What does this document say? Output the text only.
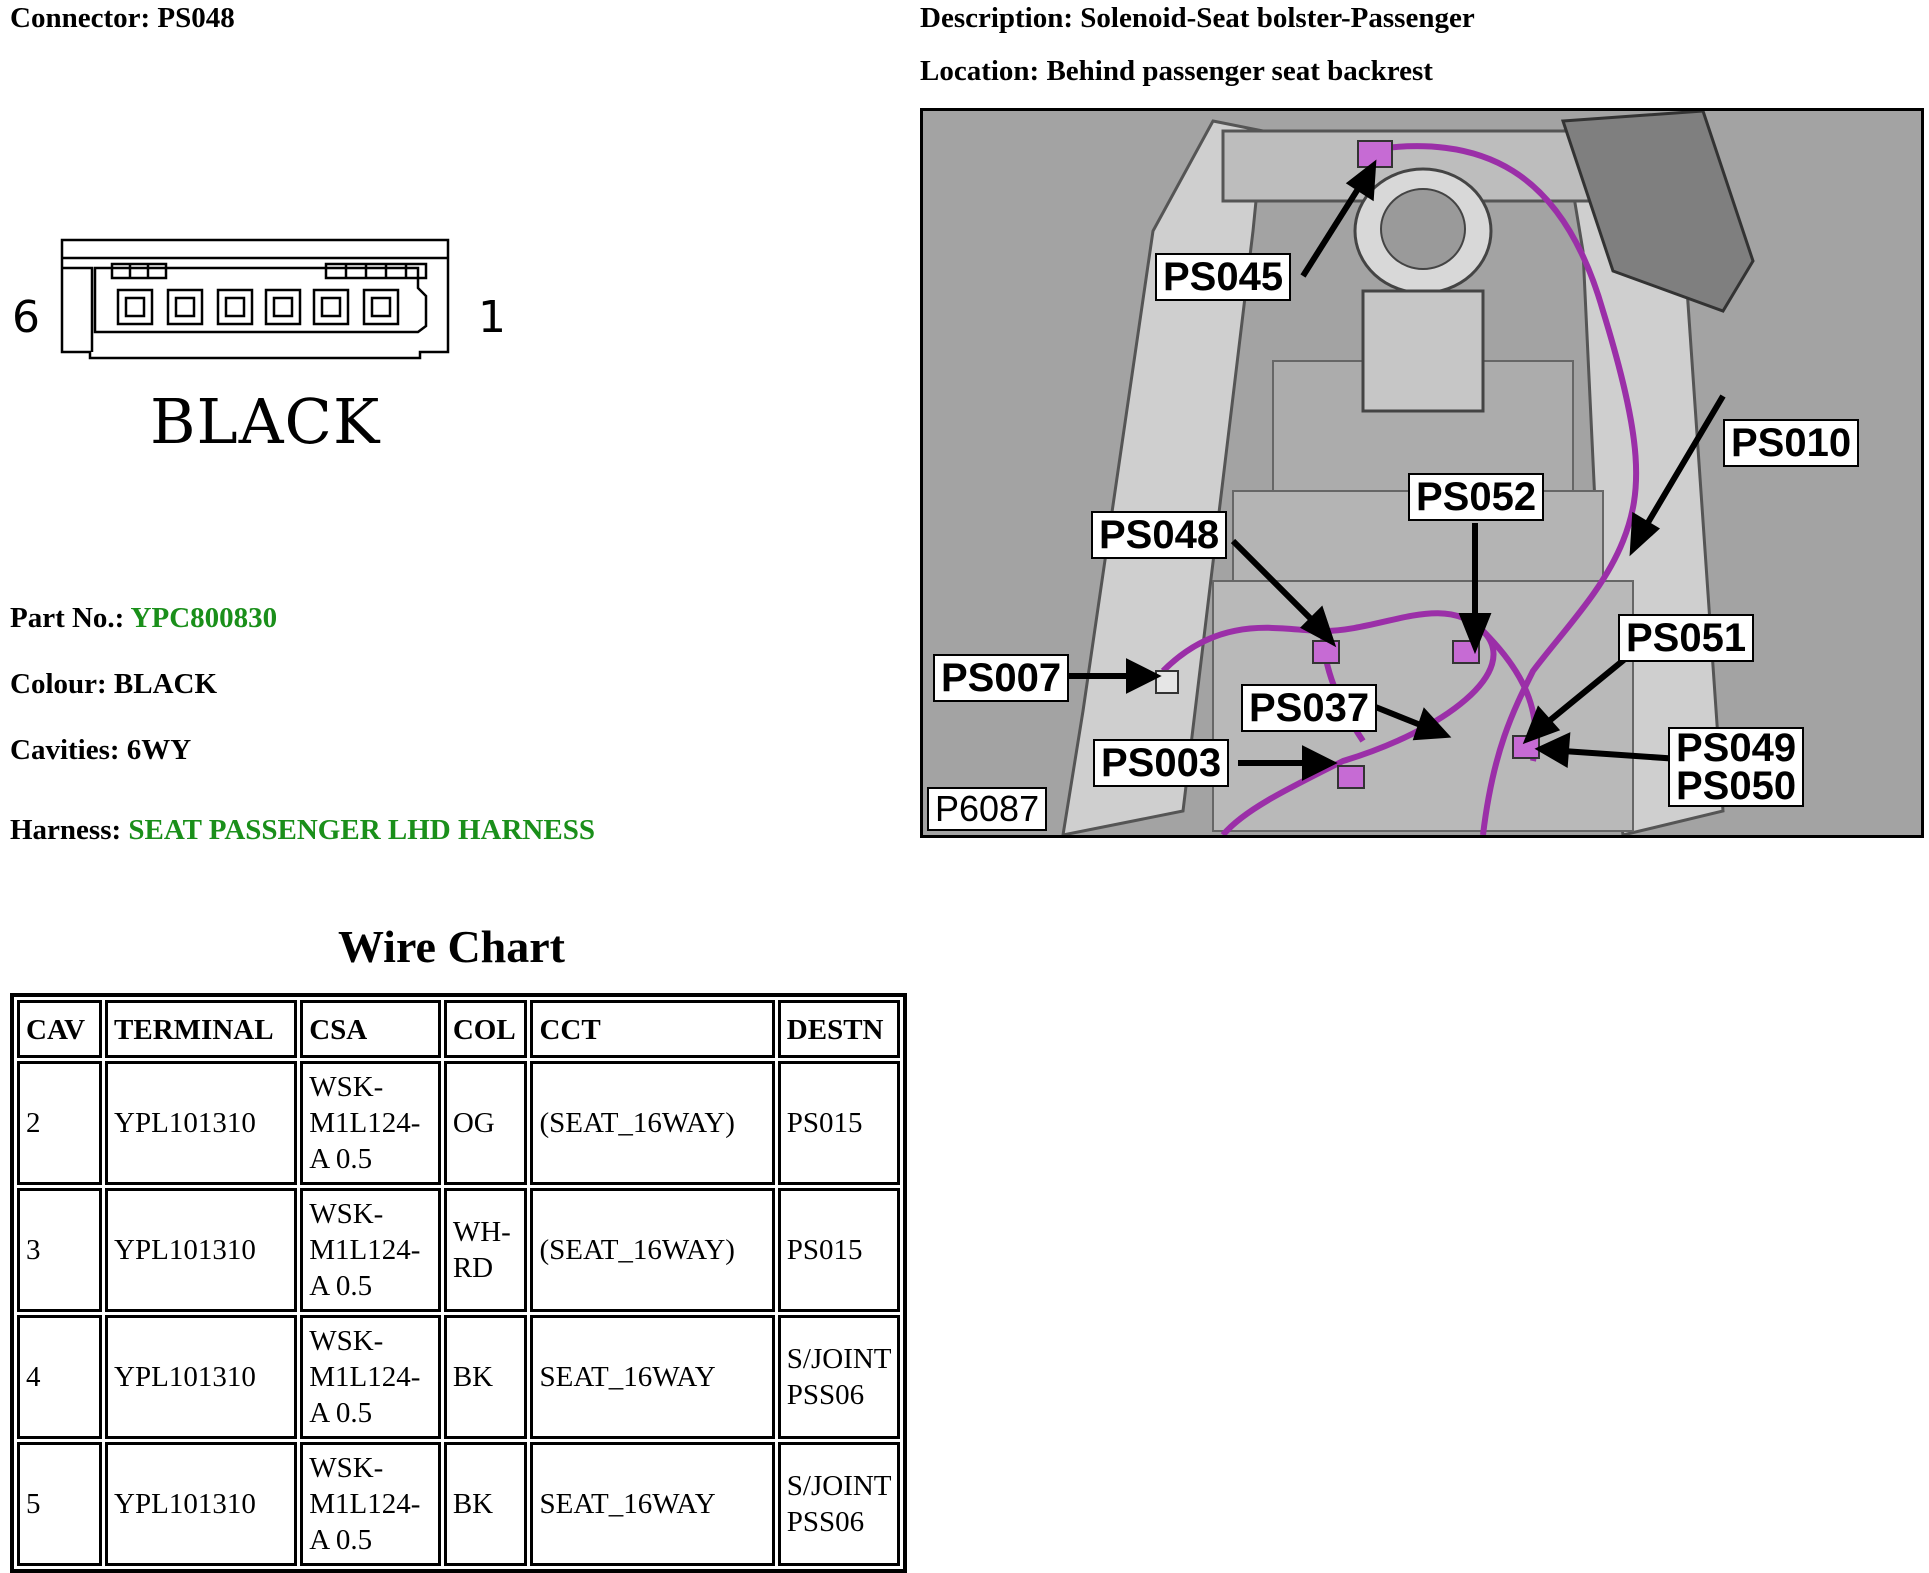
Connector: PS048	Description: Solenoid-Seat bolster-Passenger
Location: Behind passenger seat backrest
6	1
BLACK
Part No.: YPC800830
Colour: BLACK
Cavities: 6WY
Harness: SEAT PASSENGER LHD HARNESS
PS045
PS010
PS052
PS048
PS051
PS007
PS037
PS003	PS049
PS050
P6087
Wire Chart
CAV	TERMINAL	CSA	COL	CCT	DESTN
2	YPL101310	WSK-M1L124-A 0.5	OG	(SEAT_16WAY)	PS015
3	YPL101310	WSK-M1L124-A 0.5	WH-RD	(SEAT_16WAY)	PS015
4	YPL101310	WSK-M1L124-A 0.5	BK	SEAT_16WAY	S/JOINT PSS06
5	YPL101310	WSK-M1L124-A 0.5	BK	SEAT_16WAY	S/JOINT PSS06
